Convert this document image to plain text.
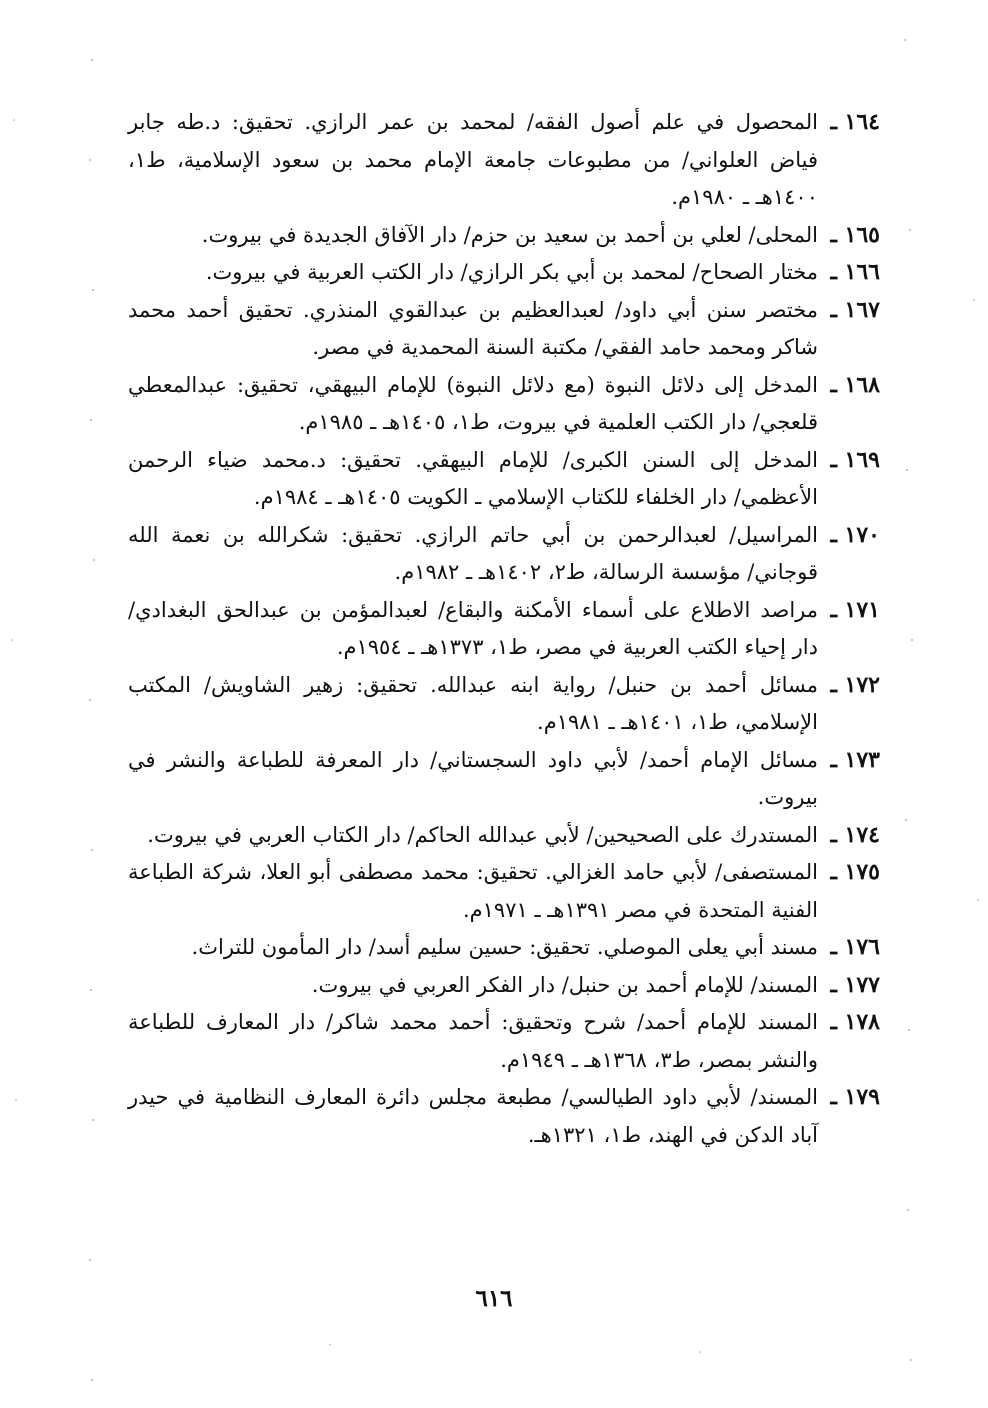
١٦٤ ـ
المحصول في علم أصول الفقه/ لمحمد بن عمر الرازي. تحقيق: د.طه جابر فياض العلواني/ من مطبوعات جامعة الإمام محمد بن سعود الإسلامية، ط١، ١٤٠٠هـ ـ ١٩٨٠م.
١٦٥ ـ
المحلى/ لعلي بن أحمد بن سعيد بن حزم/ دار الآفاق الجديدة في بيروت.
١٦٦ ـ
مختار الصحاح/ لمحمد بن أبي بكر الرازي/ دار الكتب العربية في بيروت.
١٦٧ ـ
مختصر سنن أبي داود/ لعبدالعظيم بن عبدالقوي المنذري. تحقيق أحمد محمد شاكر ومحمد حامد الفقي/ مكتبة السنة المحمدية في مصر.
١٦٨ ـ
المدخل إلى دلائل النبوة (مع دلائل النبوة) للإمام البيهقي، تحقيق: عبدالمعطي قلعجي/ دار الكتب العلمية في بيروت، ط١، ١٤٠٥هـ ـ ١٩٨٥م.
١٦٩ ـ
المدخل إلى السنن الكبرى/ للإمام البيهقي. تحقيق: د.محمد ضياء الرحمن الأعظمي/ دار الخلفاء للكتاب الإسلامي ـ الكويت ١٤٠٥هـ ـ ١٩٨٤م.
١٧٠ ـ
المراسيل/ لعبدالرحمن بن أبي حاتم الرازي. تحقيق: شكرالله بن نعمة الله قوجاني/ مؤسسة الرسالة، ط٢، ١٤٠٢هـ ـ ١٩٨٢م.
١٧١ ـ
مراصد الاطلاع على أسماء الأمكنة والبقاع/ لعبدالمؤمن بن عبدالحق البغدادي/ دار إحياء الكتب العربية في مصر، ط١، ١٣٧٣هـ ـ ١٩٥٤م.
١٧٢ ـ
مسائل أحمد بن حنبل/ رواية ابنه عبدالله. تحقيق: زهير الشاويش/ المكتب الإسلامي، ط١، ١٤٠١هـ ـ ١٩٨١م.
١٧٣ ـ
مسائل الإمام أحمد/ لأبي داود السجستاني/ دار المعرفة للطباعة والنشر في بيروت.
١٧٤ ـ
المستدرك على الصحيحين/ لأبي عبدالله الحاكم/ دار الكتاب العربي في بيروت.
١٧٥ ـ
المستصفى/ لأبي حامد الغزالي. تحقيق: محمد مصطفى أبو العلا، شركة الطباعة الفنية المتحدة في مصر ١٣٩١هـ ـ ١٩٧١م.
١٧٦ ـ
مسند أبي يعلى الموصلي. تحقيق: حسين سليم أسد/ دار المأمون للتراث.
١٧٧ ـ
المسند/ للإمام أحمد بن حنبل/ دار الفكر العربي في بيروت.
١٧٨ ـ
المسند للإمام أحمد/ شرح وتحقيق: أحمد محمد شاكر/ دار المعارف للطباعة والنشر بمصر، ط٣، ١٣٦٨هـ ـ ١٩٤٩م.
١٧٩ ـ
المسند/ لأبي داود الطيالسي/ مطبعة مجلس دائرة المعارف النظامية في حيدر آباد الدكن في الهند، ط١، ١٣٢١هـ.
٦١٦
